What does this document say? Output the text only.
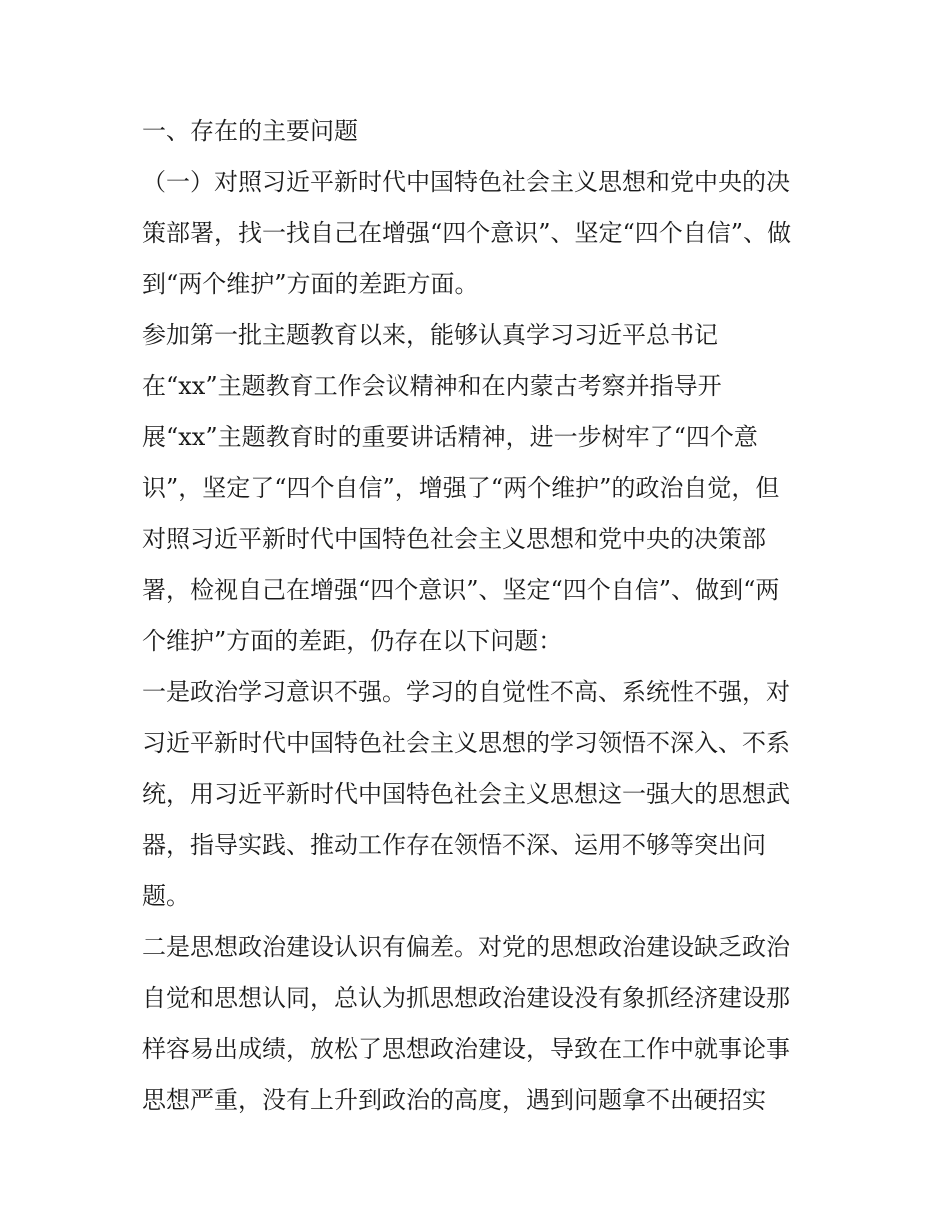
一、存在的主要问题
（一）对照习近平新时代中国特色社会主义思想和党中央的决
策部署，找一找自己在增强“四个意识”、坚定“四个自信”、做
到“两个维护”方面的差距方面。
参加第一批主题教育以来，能够认真学习习近平总书记
在“xx”主题教育工作会议精神和在内蒙古考察并指导开
展“xx”主题教育时的重要讲话精神，进一步树牢了“四个意
识”，坚定了“四个自信”，增强了“两个维护”的政治自觉，但
对照习近平新时代中国特色社会主义思想和党中央的决策部
署，检视自己在增强“四个意识”、坚定“四个自信”、做到“两
个维护”方面的差距，仍存在以下问题：
一是政治学习意识不强。学习的自觉性不高、系统性不强，对
习近平新时代中国特色社会主义思想的学习领悟不深入、不系
统，用习近平新时代中国特色社会主义思想这一强大的思想武
器，指导实践、推动工作存在领悟不深、运用不够等突出问
题。
二是思想政治建设认识有偏差。对党的思想政治建设缺乏政治
自觉和思想认同，总认为抓思想政治建设没有象抓经济建设那
样容易出成绩，放松了思想政治建设，导致在工作中就事论事
思想严重，没有上升到政治的高度，遇到问题拿不出硬招实
